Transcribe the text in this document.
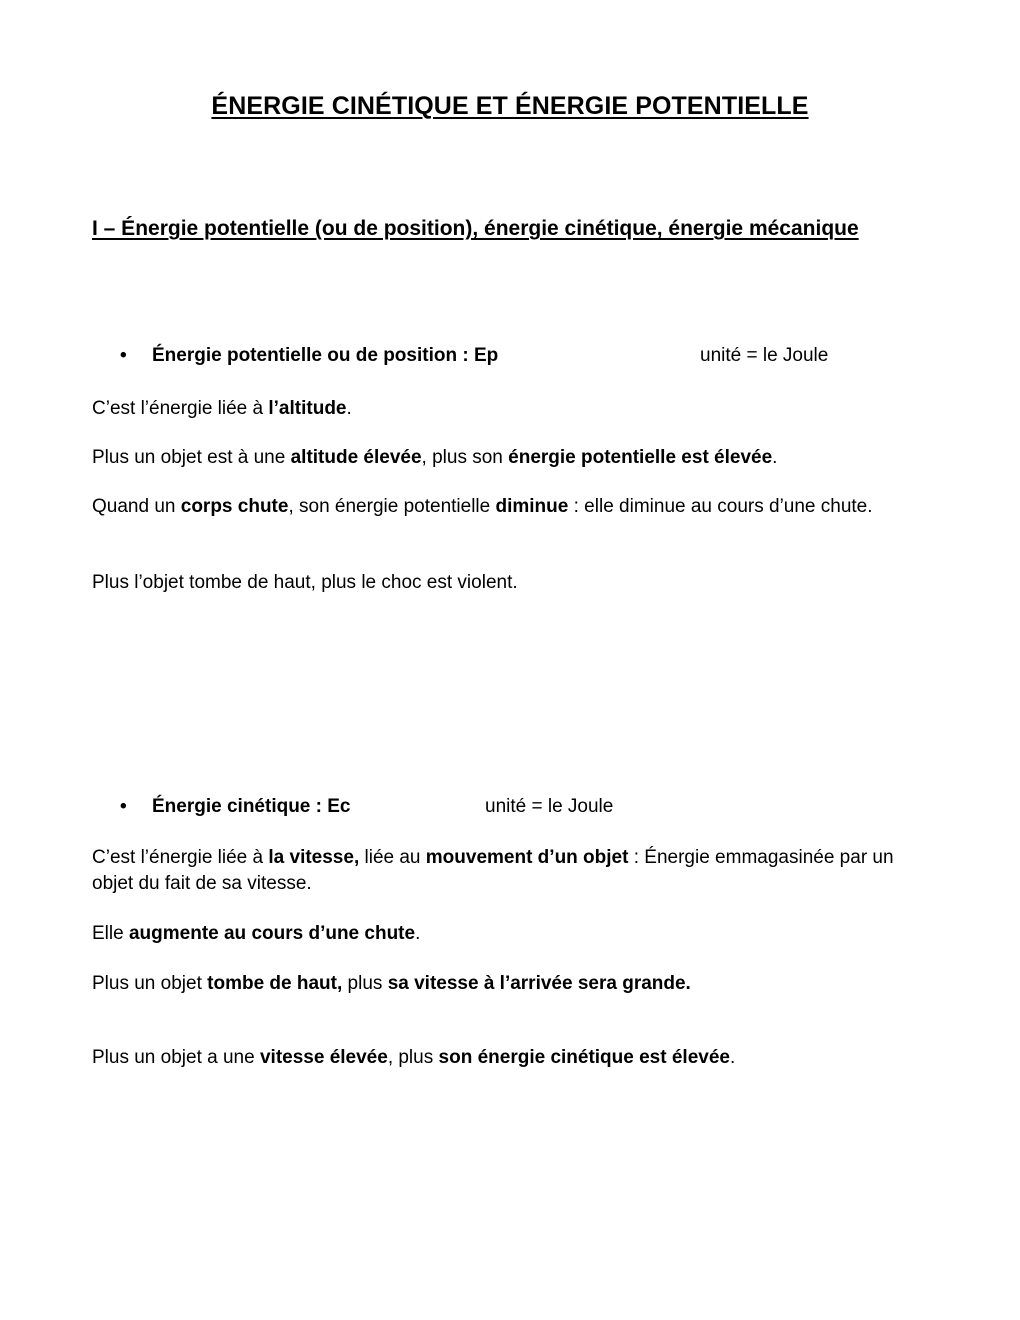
ÉNERGIE CINÉTIQUE ET ÉNERGIE POTENTIELLE
I – Énergie potentielle (ou de position), énergie cinétique, énergie mécanique
• Énergie potentielle ou de position : Ep	unité = le Joule
C’est l’énergie liée à l’altitude.
Plus un objet est à une altitude élevée, plus son énergie potentielle est élevée.
Quand un corps chute, son énergie potentielle diminue : elle diminue au cours d’une chute.
Plus l’objet tombe de haut, plus le choc est violent.
• Énergie cinétique : Ec	unité = le Joule
C’est l’énergie liée à la vitesse, liée au mouvement d’un objet : Énergie emmagasinée par un objet du fait de sa vitesse.
Elle augmente au cours d’une chute.
Plus un objet tombe de haut, plus sa vitesse à l’arrivée sera grande.
Plus un objet a une vitesse élevée, plus son énergie cinétique est élevée.
